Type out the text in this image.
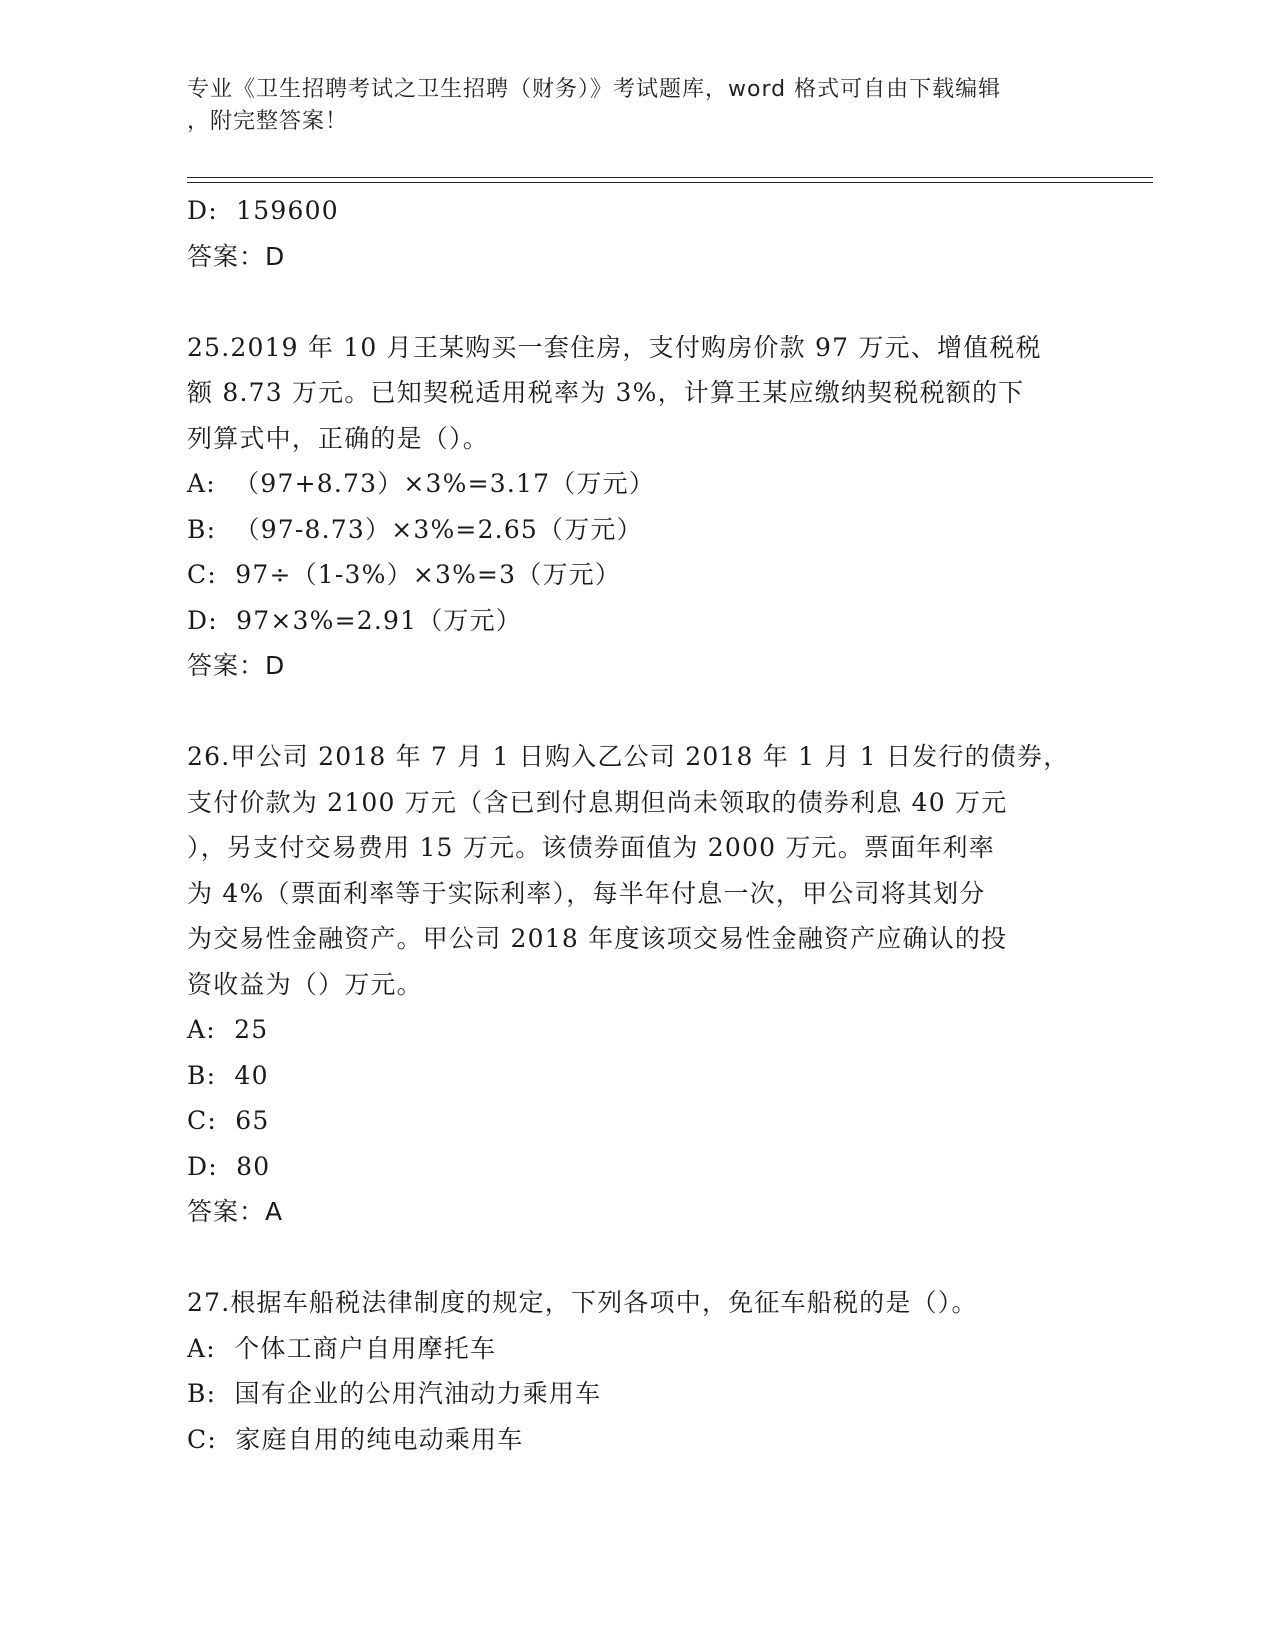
专业《卫生招聘考试之卫生招聘（财务）》考试题库，word 格式可自由下载编辑
，附完整答案！
D:  159600
答案：D
25.2019 年 10 月王某购买一套住房，支付购房价款 97 万元、增值税税
额 8.73 万元。已知契税适用税率为 3%，计算王某应缴纳契税税额的下
列算式中，正确的是（）。
A:  （97+8.73）×3%=3.17（万元）
B:  （97-8.73）×3%=2.65（万元）
C:  97÷（1-3%）×3%=3（万元）
D:  97×3%=2.91（万元）
答案：D
26.甲公司 2018 年 7 月 1 日购入乙公司 2018 年 1 月 1 日发行的债券，
支付价款为 2100 万元（含已到付息期但尚未领取的债券利息 40 万元
），另支付交易费用 15 万元。该债券面值为 2000 万元。票面年利率
为 4%（票面利率等于实际利率），每半年付息一次，甲公司将其划分
为交易性金融资产。甲公司 2018 年度该项交易性金融资产应确认的投
资收益为（）万元。
A:  25
B:  40
C:  65
D:  80
答案：A
27.根据车船税法律制度的规定，下列各项中，免征车船税的是（）。
A:  个体工商户自用摩托车
B:  国有企业的公用汽油动力乘用车
C:  家庭自用的纯电动乘用车
